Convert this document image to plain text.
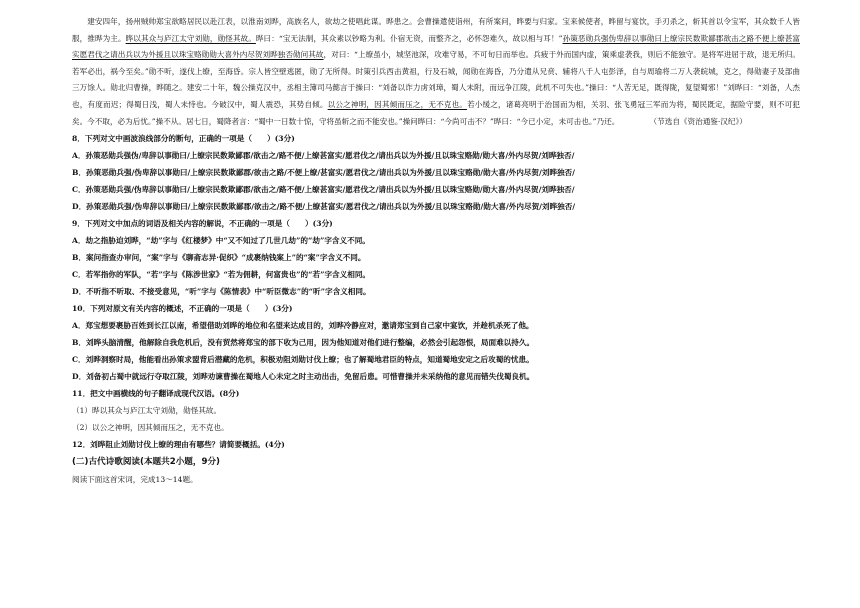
建安四年，扬州贼帅郑宝欲略居民以赴江表，以淮南刘晔，高族名人，欲劫之使唱此谋。晔患之。会曹操遣使诣州，有所案问，晔要与归家。宝来候使者，晔留与宴饮，手刃杀之，斩其首以令宝军，其众数千人皆服，推晔为主。晔以其众与庐江太守刘勋，勋怪其故。晔曰：“宝无法制，其众素以钞略为利。仆宿无资，而整齐之，必怀怨难久，故以相与耳！”孙策恶勋兵强伪卑辞以事勋曰上缭宗民数欺鄙郡欲击之路不便上缭甚富实愿君伐之请出兵以为外援且以珠宝赂勋勋大喜外内尽贺刘晔独否勋问其故，对曰：“上缭虽小，城坚池深，攻难守易，不可旬日而举也。兵疲于外而国内虚，策乘虚袭我，则后不能独守。是将军进屈于敌，退无所归。若军必出，祸今至矣。”勋不听，遂伐上缭，至海昏。宗人皆空壁逃匿，勋了无所得。时策引兵西击黄祖，行及石城，闻勋在海昏，乃分遣从兄贲、辅将八千人屯彭泽，自与周瑜将二万人袭皖城，克之，得勋妻子及部曲三万馀人。勋北归曹操，晔随之。建安二十年，魏公操克汉中，丞相主簿司马懿言于操曰：“刘备以诈力虏刘璋，蜀人未附，而远争江陵，此机不可失也。”操曰：“人苦无足，既得陇，复望蜀邪！”刘晔曰：“刘备，人杰也，有度而迟；得蜀日浅，蜀人未恃也。今破汉中，蜀人震恐，其势自倾。以公之神明，因其倾而压之，无不克也。若小缓之，诸葛亮明于治国而为相，关羽、张飞勇冠三军而为将，蜀民既定，据险守要，则不可犯矣。今不取，必为后忧。”操不从。居七日，蜀降者言：“蜀中一日数十惊，守将虽斩之而不能安也。”操问晔曰：“今尚可击不？”晔曰：“今已小定，未可击也。”乃还。	（节选自《资治通鉴·汉纪》）

8．下列对文中画波浪线部分的断句，正确的一项是（　　）(3分)

A．孙策恶勋兵强伪/卑辞以事勋曰/上缭宗民数欺鄙郡/欲击之/路不便/上缭甚富实/愿君伐之/请出兵以为外援/且以珠宝赂勋/勋大喜/外内尽贺/刘晔独否/

B．孙策恶勋兵强/伪卑辞以事勋曰/上缭宗民数欺鄙郡/欲击之路/不便上缭/甚富实/愿君伐之/请出兵以为外援/且以珠宝赂勋/勋大喜/外内尽贺/刘晔独否/

C．孙策恶勋兵强/伪卑辞以事勋曰/上缭宗民数欺鄙郡/欲击之/路不便/上缭甚富实/愿君伐之/请出兵以为外援/且以珠宝赂勋/勋大喜/外内尽贺/刘晔独否/

D．孙策恶勋兵强/伪卑辞以事勋曰/上缭宗民数欺鄙郡/欲击之/路不便/上缭甚富实/愿君伐之/请出兵以为外援/且以珠宝赂勋/勋大喜/外内尽贺/刘晔独否/

9．下列对文中加点的词语及相关内容的解说，不正确的一项是（　　）(3分)

A．劫之指胁迫刘晔，“劫”字与《红楼梦》中“又不知过了几世几劫”的“劫”字含义不同。

B．案问指查办审问，“案”字与《聊斋志异·促织》“成裹纳钱案上”的“案”字含义不同。

C．若军指你的军队，“若”字与《陈涉世家》“若为佣耕，何富贵也”的“若”字含义相同。

D．不听指不听取、不接受意见，“听”字与《陈情表》中“听臣微志”的“听”字含义相同。

10．下列对原文有关内容的概述，不正确的一项是（　　）(3分)

A．郑宝想要裹胁百姓到长江以南，希望借助刘晔的地位和名望来达成目的，刘晔冷静应对，邀请郑宝到自己家中宴饮，并趁机杀死了他。

B．刘晔头脑清醒，他解除自我危机后，没有贸然将郑宝的部下收为己用，因为他知道对他们进行整编，必然会引起怨恨，局面难以持久。

C．刘晔洞察时局，他能看出孙策求盟背后潜藏的危机，积极劝阻刘勋讨伐上缭；也了解蜀地君臣的特点，知道蜀地安定之后攻蜀的忧患。

D．刘备初占蜀中就远行夺取江陵，刘晔劝谏曹操在蜀地人心未定之时主动出击，免留后患。可惜曹操并未采纳他的意见而错失伐蜀良机。

11．把文中画横线的句子翻译成现代汉语。(8分)

（1）晔以其众与庐江太守刘勋，勋怪其故。

（2）以公之神明，因其倾而压之，无不克也。

12．刘晔阻止刘勋讨伐上缭的理由有哪些？请简要概括。(4分)

(二)古代诗歌阅读(本题共2小题，9分)

阅读下面这首宋词，完成13～14题。
